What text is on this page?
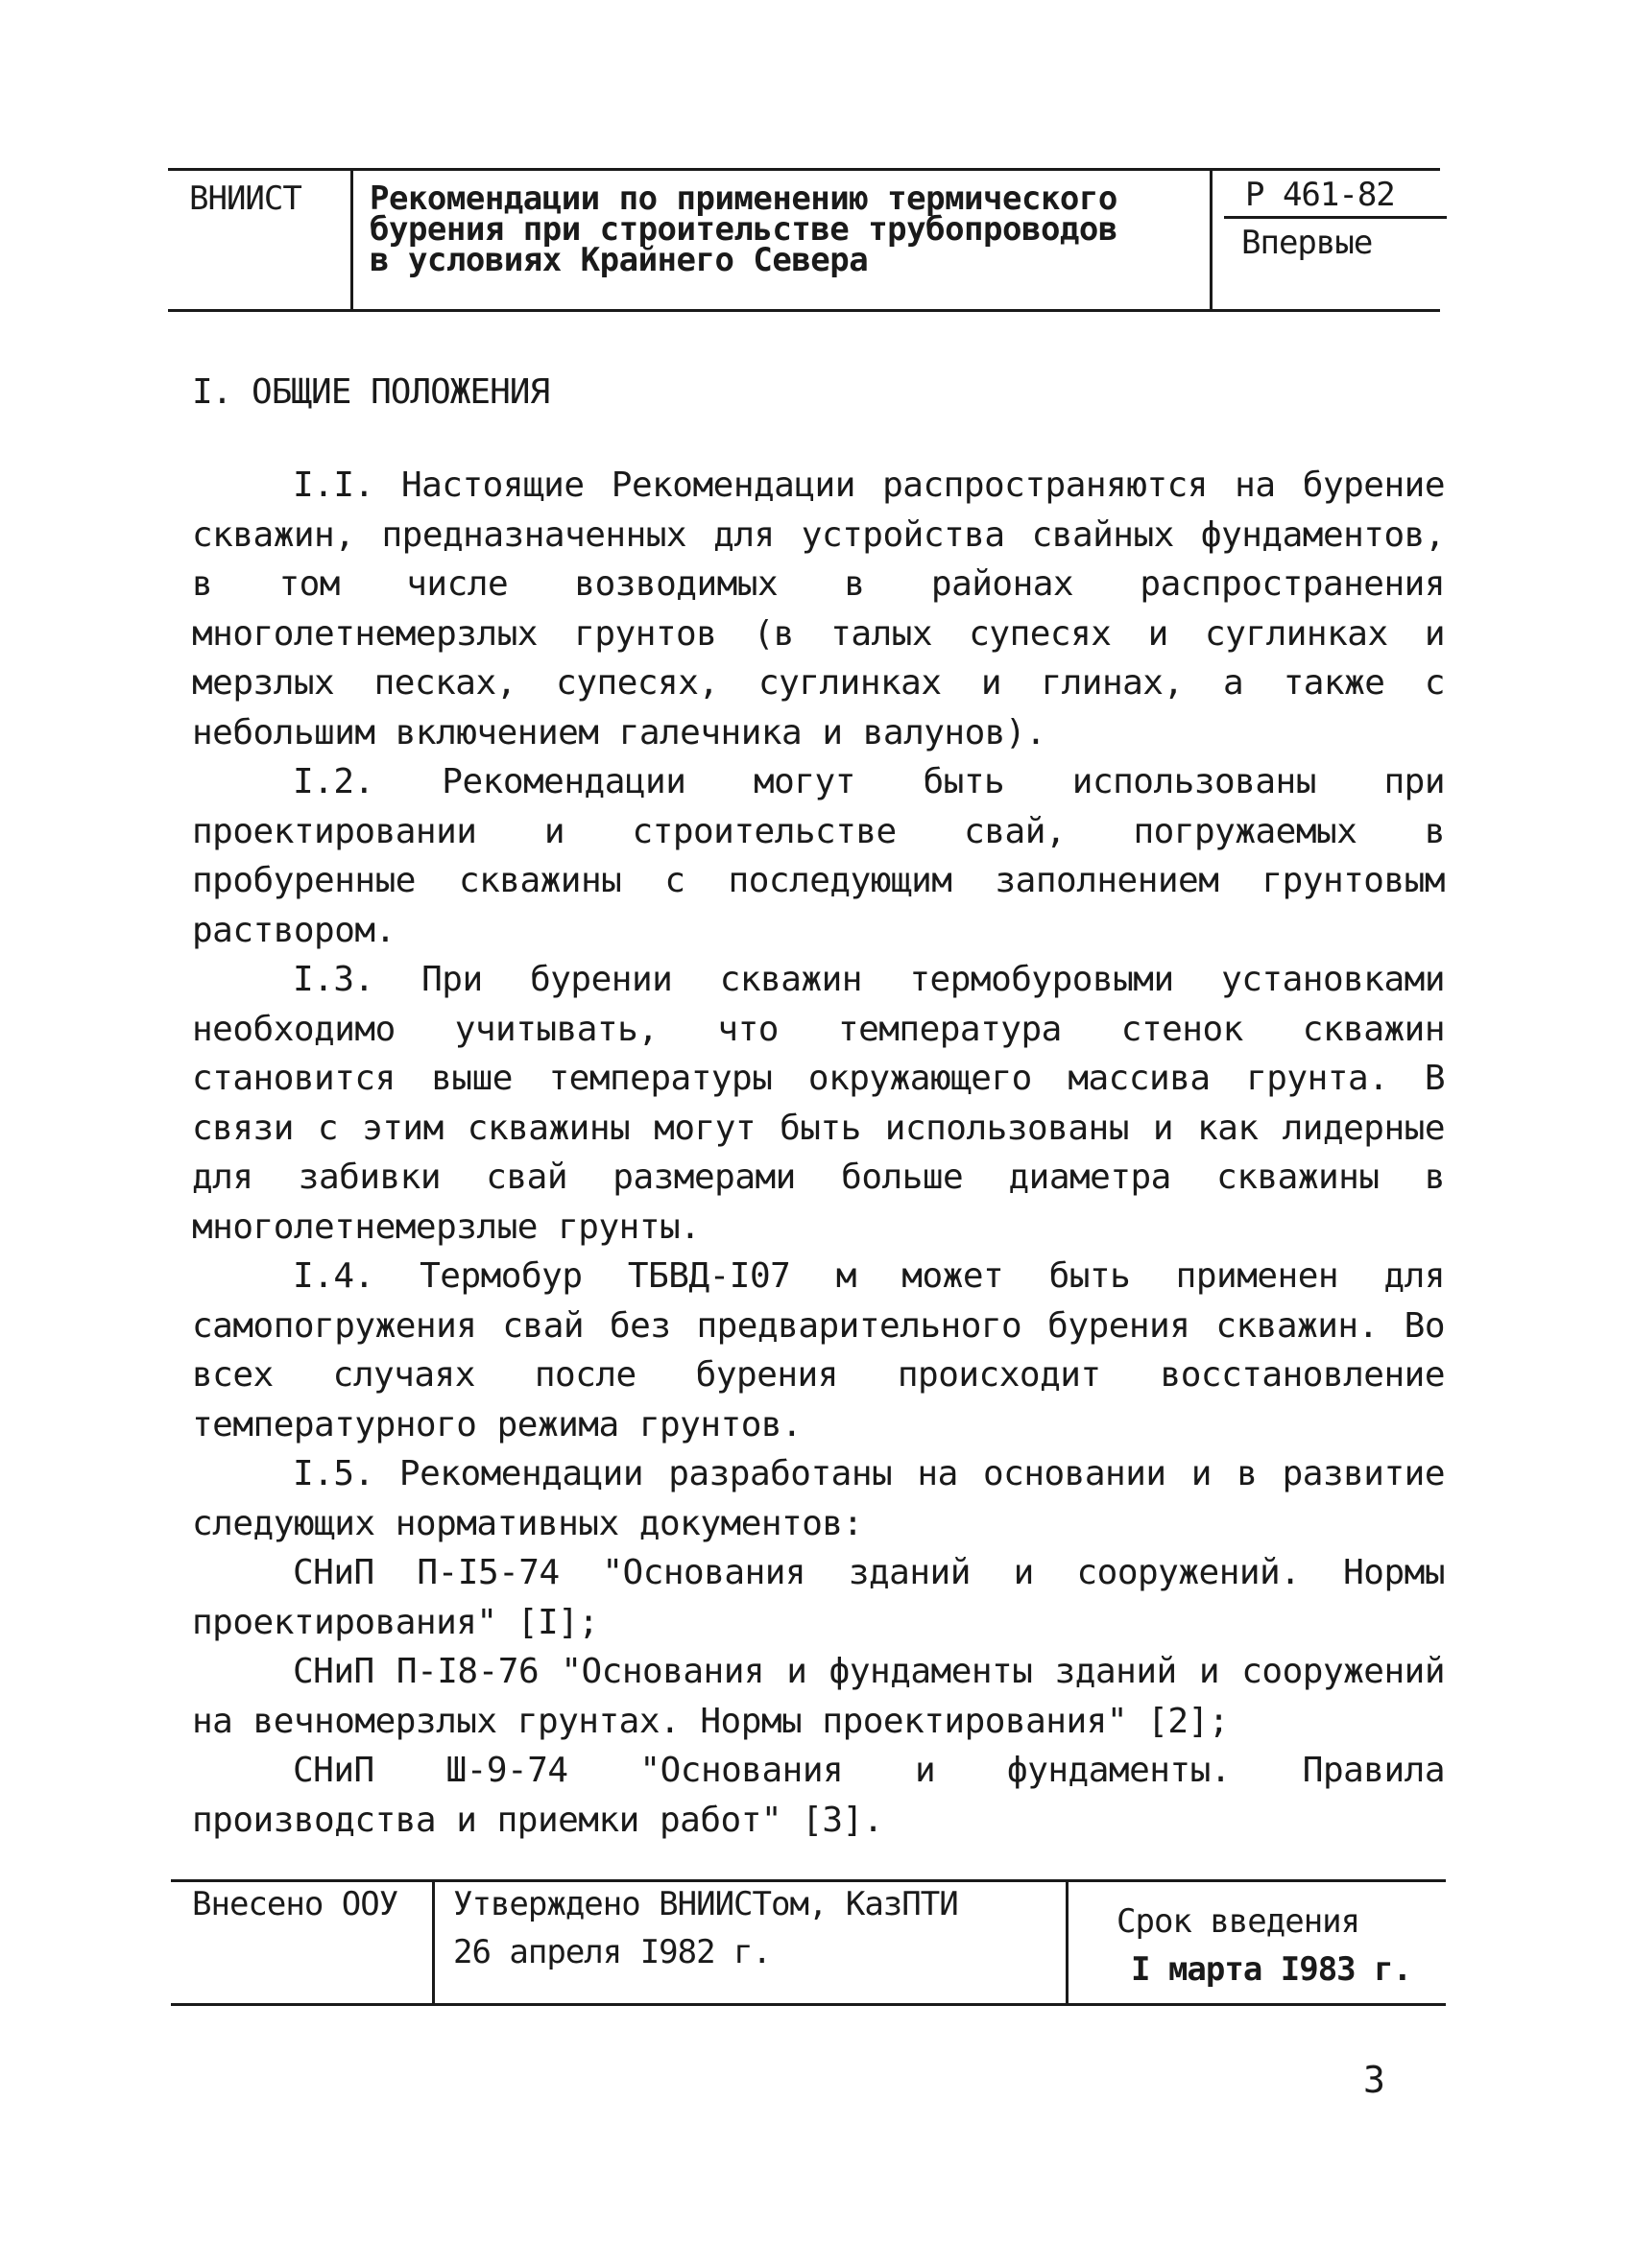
ВНИИСТ Рекомендации по применению термического
бурения при строительстве трубопроводов
в условиях Крайнего Севера
Р 461-82
Впервые
I. ОБЩИЕ ПОЛОЖЕНИЯ

I.I. Настоящие Рекомендации распространяются на бурение скважин, предназначенных для устройства свайных фундаментов, в том числе возводимых в районах распространения многолетнемерзлых грунтов (в талых супесях и суглинках и мерзлых песках, супесях, суглинках и глинах, а также с небольшим включением галечника и валунов).

I.2. Рекомендации могут быть использованы при проектировании и строительстве свай, погружаемых в пробуренные скважины с последующим заполнением грунтовым раствором.

I.3. При бурении скважин термобуровыми установками необходимо учитывать, что температура стенок скважин становится выше температуры окружающего массива грунта. В связи с этим скважины могут быть использованы и как лидерные для забивки свай размерами больше диаметра скважины в многолетнемерзлые грунты.

I.4. Термобур ТБВД-I07 м может быть применен для самопогружения свай без предварительного бурения скважин. Во всех случаях после бурения происходит восстановление температурного режима грунтов.

I.5. Рекомендации разработаны на основании и в развитие следующих нормативных документов:

СНиП П-I5-74 "Основания зданий и сооружений. Нормы проектирования" [I];

СНиП П-I8-76 "Основания и фундаменты зданий и сооружений на вечномерзлых грунтах. Нормы проектирования" [2];

СНиП Ш-9-74 "Основания и фундаменты. Правила производства и приемки работ" [3].

Внесено ООУ Утверждено ВНИИСТом, КазПТИ
26 апреля I982 г.
Срок введения
I марта I983 г.
3
